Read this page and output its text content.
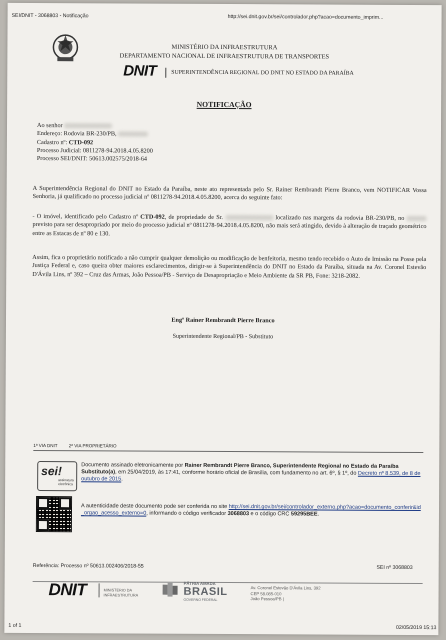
SEI/DNIT - 3068803 - Notificação	http://sei.dnit.gov.br/sei/controlador.php?acao=documento_imprim...
MINISTÉRIO DA INFRAESTRUTURA
DEPARTAMENTO NACIONAL DE INFRAESTRUTURA DE TRANSPORTES
DNIT	SUPERINTENDÊNCIA REGIONAL DO DNIT NO ESTADO DA PARAÍBA
NOTIFICAÇÃO
Ao senhor
Endereço: Rodovia BR-230/PB,
Cadastro nº: CTD-092
Processo Judicial: 0811278-94.2018.4.05.8200
Processo SEI/DNIT: 50613.002575/2018-64
A Superintendência Regional do DNIT no Estado da Paraíba, neste ato representada pelo Sr. Rainer Rembrandt Pierre Branco, vem NOTIFICAR Vossa Senhoria, já qualificado no processo judicial nº 0811278-94.2018.4.05.8200, acerca do seguinte fato:
- O imóvel, identificado pelo Cadastro nº CTD-092, de propriedade de Sr.	localizado nas margens da rodovia BR-230/PB, no  previsto para ser desapropriado por meio do processo judicial nº 0811278-94.2018.4.05.8200, não mais será atingido, devido à alteração de traçado geométrico entre as Estacas de nº 80 e 130.
Assim, fica o proprietário notificado a não cumprir qualquer demolição ou modificação de benfeitoria, mesmo tendo recebido o Auto de Imissão na Posse pela Justiça Federal e, caso queira obter maiores esclarecimentos, dirigir-se à Superintendência do DNIT no Estado da Paraíba, situada na Av. Coronel Estevão D'Ávila Lins, nº 392 – Cruz das Armas, João Pessoa/PB - Serviço de Desapropriação e Meio Ambiente da SR PB, Fone: 3218-2082.
Engº Rainer Rembrandt Pierre Branco
Superintendente Regional/PB - Substituto
1ª VIA DNIT 2ª VIA PROPRIETÁRIO
sei!
assinatura eletrônica
Documento assinado eletronicamente por Rainer Rembrandt Pierre Branco, Superintendente Regional no Estado da Paraíba Substituto(a), em 25/04/2019, às 17:41, conforme horário oficial de Brasília, com fundamento no art. 6º, § 1º, do Decreto nº 8.539, de 8 de outubro de 2015.
A autenticidade deste documento pode ser conferida no site http://sei.dnit.gov.br/sei/controlador_externo.php?acao=documento_conferir&id_orgao_acesso_externo=0, informando o código verificador 3068803 e o código CRC 59295BEE.
Referência: Processo nº 50613.002406/2018-55	SEI nº 3068803
DNIT	MINISTÉRIO DA INFRAESTRUTURA
PÁTRIA AMADA
BRASIL
GOVERNO FEDERAL
Av. Coronel Estevão D'Ávila Lins, 392
CEP 58.085-010
João Pessoa/PB |
1 of 1	02/05/2019 15:13
